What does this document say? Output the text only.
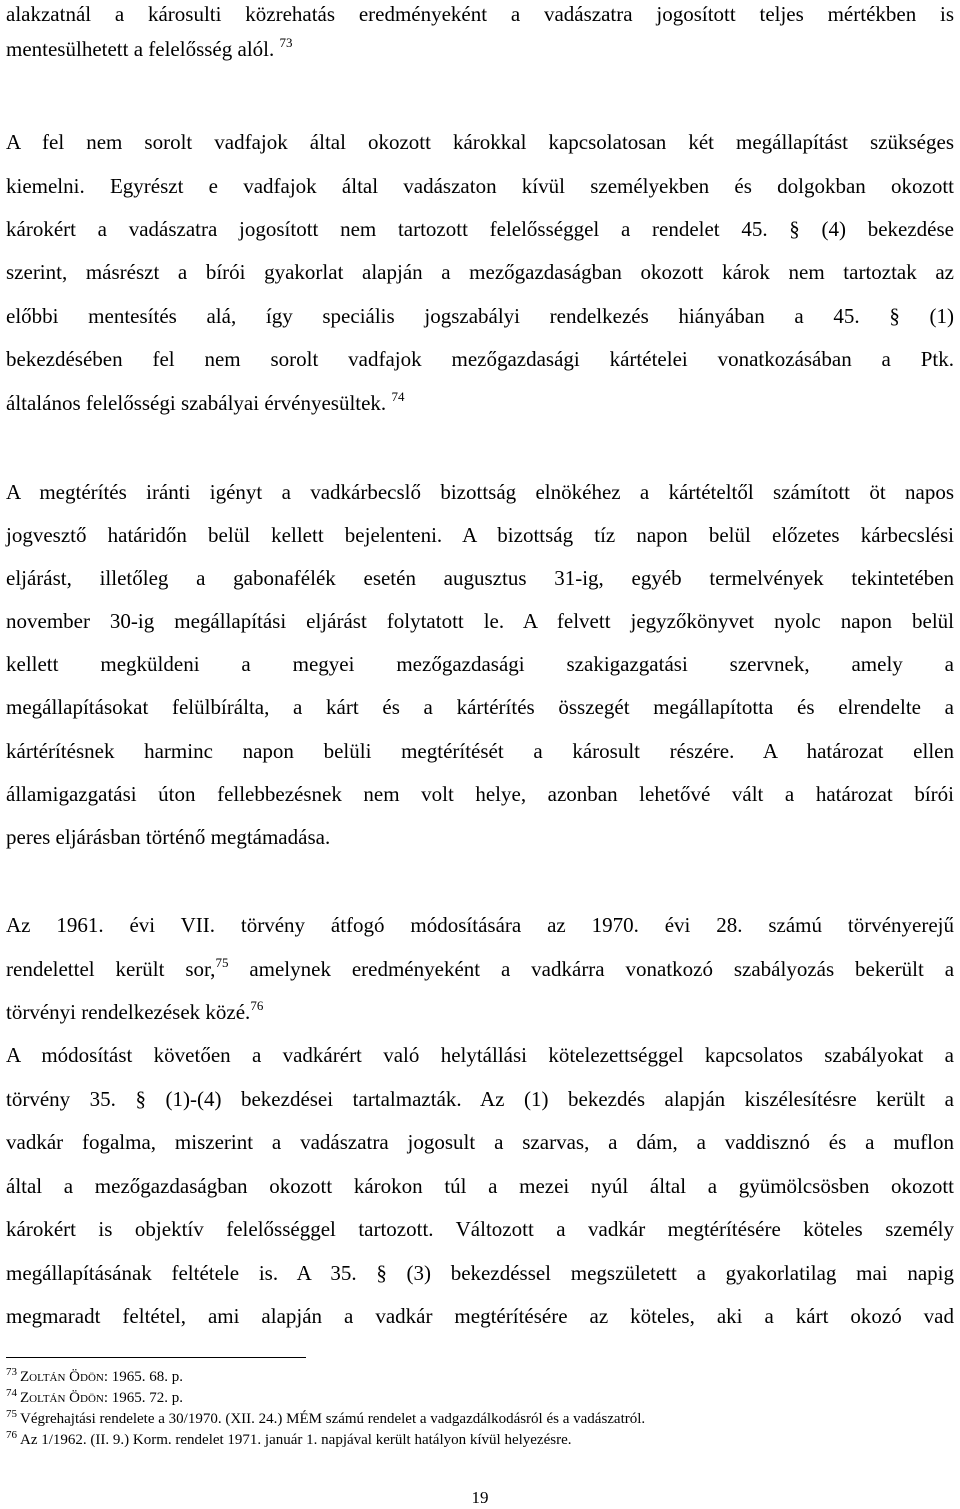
alakzatnál a károsulti közrehatás eredményeként a vadászatra jogosított teljes mértékben is
mentesülhetett a felelősség alól. $^{73}$
A fel nem sorolt vadfajok által okozott károkkal kapcsolatosan két megállapítást szükséges
kiemelni. Egyrészt e vadfajok által vadászaton kívül személyekben és dolgokban okozott
károkért a vadászatra jogosított nem tartozott felelősséggel a rendelet 45. § (4) bekezdése
szerint, másrészt a bírói gyakorlat alapján a mezőgazdaságban okozott károk nem tartoztak az
előbbi mentesítés alá, így speciális jogszabályi rendelkezés hiányában a 45. § (1)
bekezdésében fel nem sorolt vadfajok mezőgazdasági kártételei vonatkozásában a Ptk.
általános felelősségi szabályai érvényesültek. $^{74}$
A megtérítés iránti igényt a vadkárbecslő bizottság elnökéhez a kártételtől számított öt napos
jogvesztő határidőn belül kellett bejelenteni. A bizottság tíz napon belül előzetes kárbecslési
eljárást, illetőleg a gabonafélék esetén augusztus 31-ig, egyéb termelvények tekintetében
november 30-ig megállapítási eljárást folytatott le. A felvett jegyzőkönyvet nyolc napon belül
kellett megküldeni a megyei mezőgazdasági szakigazgatási szervnek, amely a
megállapításokat felülbírálta, a kárt és a kártérítés összegét megállapította és elrendelte a
kártérítésnek harminc napon belüli megtérítését a károsult részére. A határozat ellen
államigazgatási úton fellebbezésnek nem volt helye, azonban lehetővé vált a határozat bírói
peres eljárásban történő megtámadása.
Az 1961. évi VII. törvény átfogó módosítására az 1970. évi 28. számú törvényerejű
rendelettel került sor,$^{75}$ amelynek eredményeként a vadkárra vonatkozó szabályozás bekerült a
törvényi rendelkezések közé.$^{76}$
A módosítást követően a vadkárért való helytállási kötelezettséggel kapcsolatos szabályokat a
törvény 35. § (1)-(4) bekezdései tartalmazták. Az (1) bekezdés alapján kiszélesítésre került a
vadkár fogalma, miszerint a vadászatra jogosult a szarvas, a dám, a vaddisznó és a muflon
által a mezőgazdaságban okozott károkon túl a mezei nyúl által a gyümölcsösben okozott
károkért is objektív felelősséggel tartozott. Változott a vadkár megtérítésére köteles személy
megállapításának feltétele is. A 35. § (3) bekezdéssel megszületett a gyakorlatilag mai napig
megmaradt feltétel, ami alapján a vadkár megtérítésére az köteles, aki a kárt okozó vad
$^{73}$ Zoltán Ödön: 1965. 68. p.
$^{74}$ Zoltán Ödön: 1965. 72. p.
$^{75}$ Végrehajtási rendelete a 30/1970. (XII. 24.) MÉM számú rendelet a vadgazdálkodásról és a vadászatról.
$^{76}$ Az 1/1962. (II. 9.) Korm. rendelet 1971. január 1. napjával került hatályon kívül helyezésre.
19
